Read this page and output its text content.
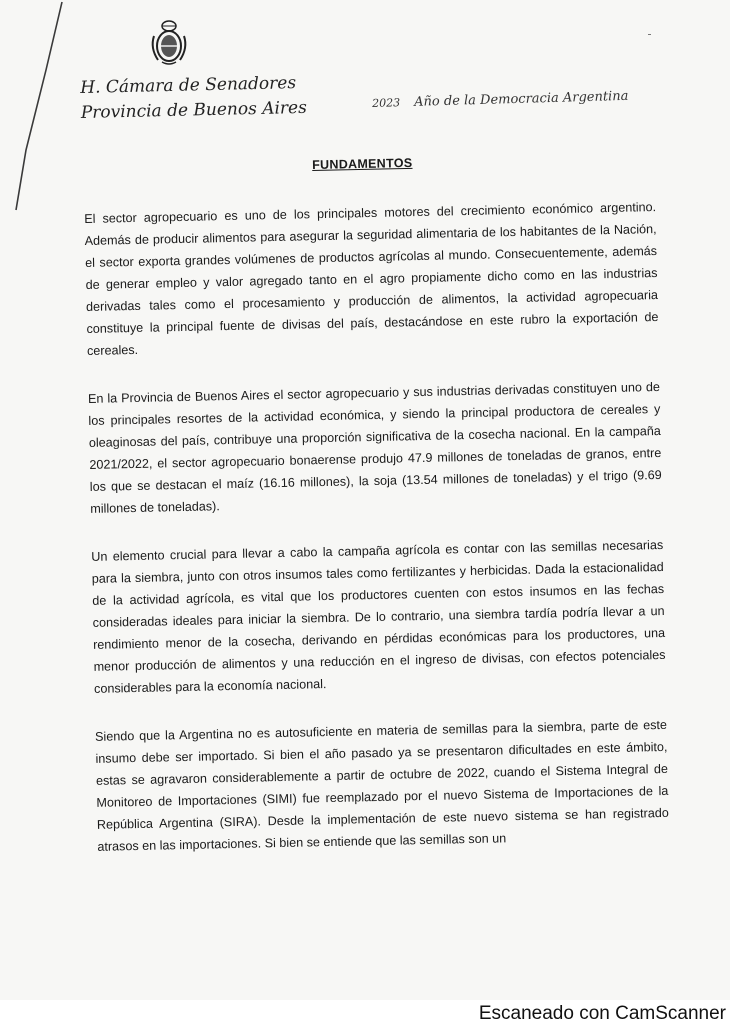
H. Cámara de Senadores
Provincia de Buenos Aires	2023 Año de la Democracia Argentina
FUNDAMENTOS

El sector agropecuario es uno de los principales motores del crecimiento económico argentino. Además de producir alimentos para asegurar la seguridad alimentaria de los habitantes de la Nación, el sector exporta grandes volúmenes de productos agrícolas al mundo. Consecuentemente, además de generar empleo y valor agregado tanto en el agro propiamente dicho como en las industrias derivadas tales como el procesamiento y producción de alimentos, la actividad agropecuaria constituye la principal fuente de divisas del país, destacándose en este rubro la exportación de cereales.

En la Provincia de Buenos Aires el sector agropecuario y sus industrias derivadas constituyen uno de los principales resortes de la actividad económica, y siendo la principal productora de cereales y oleaginosas del país, contribuye una proporción significativa de la cosecha nacional. En la campaña 2021/2022, el sector agropecuario bonaerense produjo 47.9 millones de toneladas de granos, entre los que se destacan el maíz (16.16 millones), la soja (13.54 millones de toneladas) y el trigo (9.69 millones de toneladas).

Un elemento crucial para llevar a cabo la campaña agrícola es contar con las semillas necesarias para la siembra, junto con otros insumos tales como fertilizantes y herbicidas. Dada la estacionalidad de la actividad agrícola, es vital que los productores cuenten con estos insumos en las fechas consideradas ideales para iniciar la siembra. De lo contrario, una siembra tardía podría llevar a un rendimiento menor de la cosecha, derivando en pérdidas económicas para los productores, una menor producción de alimentos y una reducción en el ingreso de divisas, con efectos potenciales considerables para la economía nacional.

Siendo que la Argentina no es autosuficiente en materia de semillas para la siembra, parte de este insumo debe ser importado. Si bien el año pasado ya se presentaron dificultades en este ámbito, estas se agravaron considerablemente a partir de octubre de 2022, cuando el Sistema Integral de Monitoreo de Importaciones (SIMI) fue reemplazado por el nuevo Sistema de Importaciones de la República Argentina (SIRA). Desde la implementación de este nuevo sistema se han registrado atrasos en las importaciones. Si bien se entiende que las semillas son un

Escaneado con CamScanner
